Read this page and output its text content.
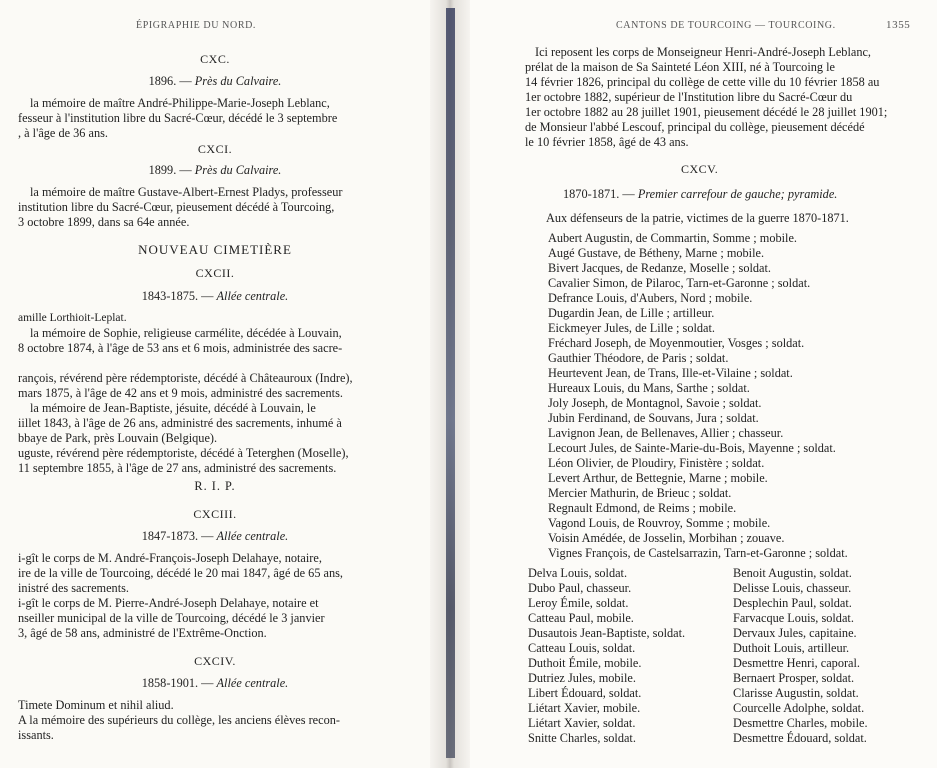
ÉPIGRAPHIE DU NORD.
CXC.
1896. — Près du Calvaire.
la mémoire de maître André-Philippe-Marie-Joseph Leblanc,
fesseur à l'institution libre du Sacré-Cœur, décédé le 3 septembre
, à l'âge de 36 ans.
CXCI.
1899. — Près du Calvaire.
la mémoire de maître Gustave-Albert-Ernest Pladys, professeur
institution libre du Sacré-Cœur, pieusement décédé à Tourcoing,
3 octobre 1899, dans sa 64e année.
NOUVEAU CIMETIÈRE
CXCII.
1843-1875. — Allée centrale.
amille Lorthioit-Leplat.
la mémoire de Sophie, religieuse carmélite, décédée à Louvain,
8 octobre 1874, à l'âge de 53 ans et 6 mois, administrée des sacre-
rançois, révérend père rédemptoriste, décédé à Châteauroux (Indre),
mars 1875, à l'âge de 42 ans et 9 mois, administré des sacrements.
la mémoire de Jean-Baptiste, jésuite, décédé à Louvain, le
iillet 1843, à l'âge de 26 ans, administré des sacrements, inhumé à
bbaye de Park, près Louvain (Belgique).
uguste, révérend père rédemptoriste, décédé à Teterghen (Moselle),
11 septembre 1855, à l'âge de 27 ans, administré des sacrements.
R. I. P.
CXCIII.
1847-1873. — Allée centrale.
i-gît le corps de M. André-François-Joseph Delahaye, notaire,
ire de la ville de Tourcoing, décédé le 20 mai 1847, âgé de 65 ans,
inistré des sacrements.
i-gît le corps de M. Pierre-André-Joseph Delahaye, notaire et
nseiller municipal de la ville de Tourcoing, décédé le 3 janvier
3, âgé de 58 ans, administré de l'Extrême-Onction.
CXCIV.
1858-1901. — Allée centrale.
Timete Dominum et nihil aliud.
A la mémoire des supérieurs du collège, les anciens élèves recon-
issants.
CANTONS DE TOURCOING — TOURCOING.	1355
Ici reposent les corps de Monseigneur Henri-André-Joseph Leblanc,
prélat de la maison de Sa Sainteté Léon XIII, né à Tourcoing le
14 février 1826, principal du collège de cette ville du 10 février 1858 au
1er octobre 1882, supérieur de l'Institution libre du Sacré-Cœur du
1er octobre 1882 au 28 juillet 1901, pieusement décédé le 28 juillet 1901;
de Monsieur l'abbé Lescouf, principal du collège, pieusement décédé
le 10 février 1858, âgé de 43 ans.
CXCV.
1870-1871. — Premier carrefour de gauche; pyramide.
Aux défenseurs de la patrie, victimes de la guerre 1870-1871.
Aubert Augustin, de Commartin, Somme ; mobile.
Augé Gustave, de Bétheny, Marne ; mobile.
Bivert Jacques, de Redanze, Moselle ; soldat.
Cavalier Simon, de Pilaroc, Tarn-et-Garonne ; soldat.
Defrance Louis, d'Aubers, Nord ; mobile.
Dugardin Jean, de Lille ; artilleur.
Eickmeyer Jules, de Lille ; soldat.
Fréchard Joseph, de Moyenmoutier, Vosges ; soldat.
Gauthier Théodore, de Paris ; soldat.
Heurtevent Jean, de Trans, Ille-et-Vilaine ; soldat.
Hureaux Louis, du Mans, Sarthe ; soldat.
Joly Joseph, de Montagnol, Savoie ; soldat.
Jubin Ferdinand, de Souvans, Jura ; soldat.
Lavignon Jean, de Bellenaves, Allier ; chasseur.
Lecourt Jules, de Sainte-Marie-du-Bois, Mayenne ; soldat.
Léon Olivier, de Ploudiry, Finistère ; soldat.
Levert Arthur, de Bettegnie, Marne ; mobile.
Mercier Mathurin, de Brieuc ; soldat.
Regnault Edmond, de Reims ; mobile.
Vagond Louis, de Rouvroy, Somme ; mobile.
Voisin Amédée, de Josselin, Morbihan ; zouave.
Vignes François, de Castelsarrazin, Tarn-et-Garonne ; soldat.
Delva Louis, soldat.
Dubo Paul, chasseur.
Leroy Émile, soldat.
Catteau Paul, mobile.
Dusautois Jean-Baptiste, soldat.
Catteau Louis, soldat.
Duthoit Émile, mobile.
Dutriez Jules, mobile.
Libert Édouard, soldat.
Liétart Xavier, mobile.
Liétart Xavier, soldat.
Snitte Charles, soldat.
Benoit Augustin, soldat.
Delisse Louis, chasseur.
Desplechin Paul, soldat.
Farvacque Louis, soldat.
Dervaux Jules, capitaine.
Duthoit Louis, artilleur.
Desmettre Henri, caporal.
Bernaert Prosper, soldat.
Clarisse Augustin, soldat.
Courcelle Adolphe, soldat.
Desmettre Charles, mobile.
Desmettre Édouard, soldat.
